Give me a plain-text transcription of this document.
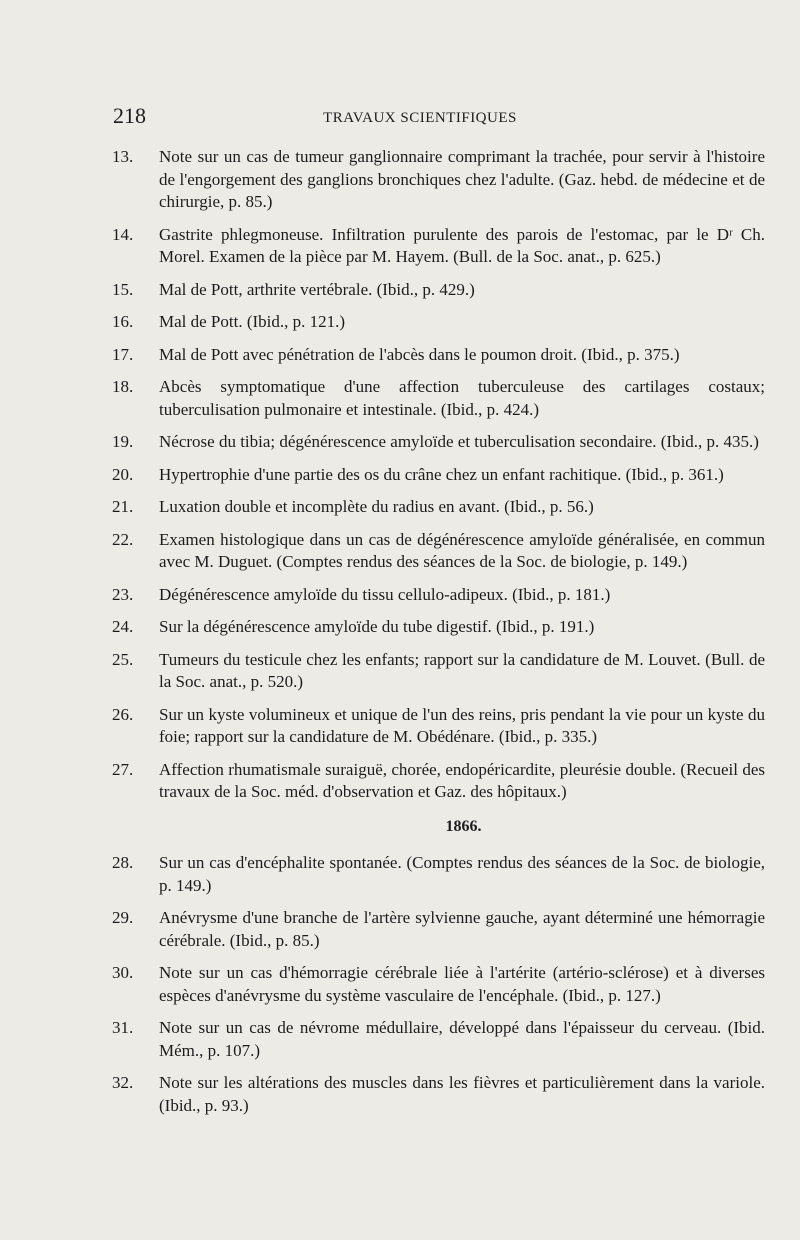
218	TRAVAUX SCIENTIFIQUES
13.	Note sur un cas de tumeur ganglionnaire comprimant la trachée, pour servir à l'histoire de l'engorgement des ganglions bronchiques chez l'adulte. (Gaz. hebd. de médecine et de chirurgie, p. 85.)
14.	Gastrite phlegmoneuse. Infiltration purulente des parois de l'estomac, par le Dʳ Ch. Morel. Examen de la pièce par M. Hayem. (Bull. de la Soc. anat., p. 625.)
15.	Mal de Pott, arthrite vertébrale. (Ibid., p. 429.)
16.	Mal de Pott. (Ibid., p. 121.)
17.	Mal de Pott avec pénétration de l'abcès dans le poumon droit. (Ibid., p. 375.)
18.	Abcès symptomatique d'une affection tuberculeuse des cartilages costaux; tuberculisation pulmonaire et intestinale. (Ibid., p. 424.)
19.	Nécrose du tibia; dégénérescence amyloïde et tuberculisation secondaire. (Ibid., p. 435.)
20.	Hypertrophie d'une partie des os du crâne chez un enfant rachitique. (Ibid., p. 361.)
21.	Luxation double et incomplète du radius en avant. (Ibid., p. 56.)
22.	Examen histologique dans un cas de dégénérescence amyloïde généralisée, en commun avec M. Duguet. (Comptes rendus des séances de la Soc. de biologie, p. 149.)
23.	Dégénérescence amyloïde du tissu cellulo-adipeux. (Ibid., p. 181.)
24.	Sur la dégénérescence amyloïde du tube digestif. (Ibid., p. 191.)
25.	Tumeurs du testicule chez les enfants; rapport sur la candidature de M. Louvet. (Bull. de la Soc. anat., p. 520.)
26.	Sur un kyste volumineux et unique de l'un des reins, pris pendant la vie pour un kyste du foie; rapport sur la candidature de M. Obédénare. (Ibid., p. 335.)
27.	Affection rhumatismale suraiguë, chorée, endopéricardite, pleurésie double. (Recueil des travaux de la Soc. méd. d'observation et Gaz. des hôpitaux.)
1866.
28.	Sur un cas d'encéphalite spontanée. (Comptes rendus des séances de la Soc. de biologie, p. 149.)
29.	Anévrysme d'une branche de l'artère sylvienne gauche, ayant déterminé une hémorragie cérébrale. (Ibid., p. 85.)
30.	Note sur un cas d'hémorragie cérébrale liée à l'artérite (artério-sclérose) et à diverses espèces d'anévrysme du système vasculaire de l'encéphale. (Ibid., p. 127.)
31.	Note sur un cas de névrome médullaire, développé dans l'épaisseur du cerveau. (Ibid. Mém., p. 107.)
32.	Note sur les altérations des muscles dans les fièvres et particulièrement dans la variole. (Ibid., p. 93.)
